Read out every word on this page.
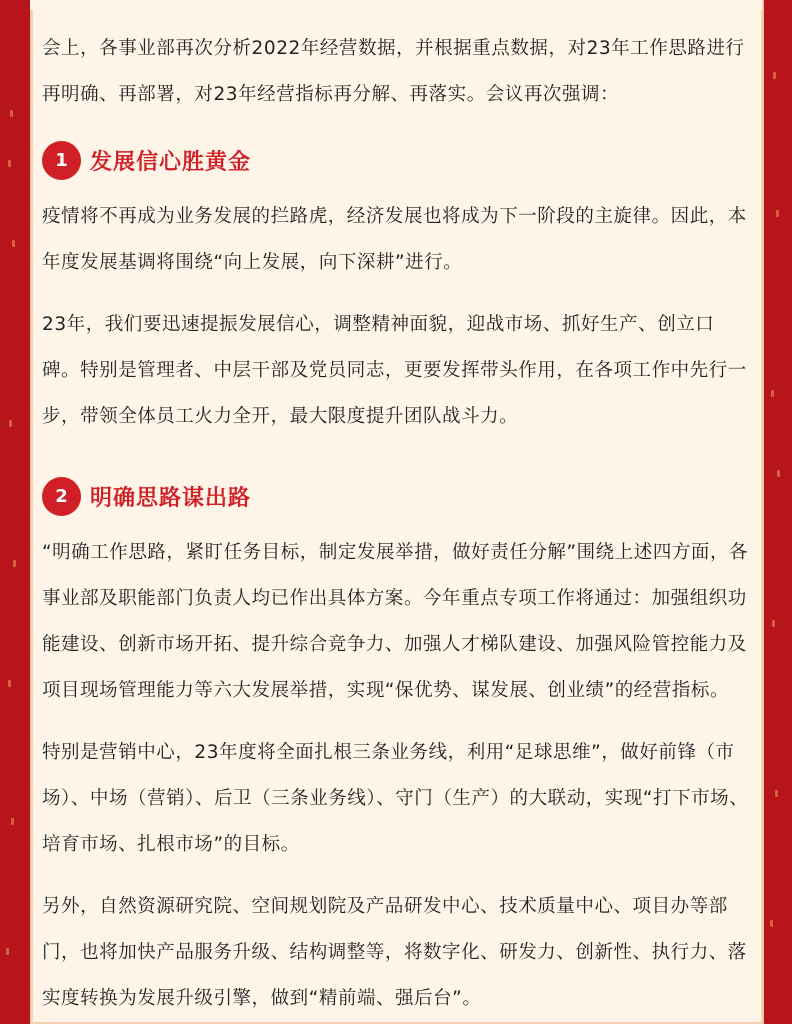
会上，各事业部再次分析2022年经营数据，并根据重点数据，对23年工作思路进行再明确、再部署，对23年经营指标再分解、再落实。会议再次强调：

1	发展信心胜黄金

疫情将不再成为业务发展的拦路虎，经济发展也将成为下一阶段的主旋律。因此，本年度发展基调将围绕“向上发展，向下深耕”进行。

23年，我们要迅速提振发展信心，调整精神面貌，迎战市场、抓好生产、创立口碑。特别是管理者、中层干部及党员同志，更要发挥带头作用，在各项工作中先行一步，带领全体员工火力全开，最大限度提升团队战斗力。

2	明确思路谋出路

“明确工作思路，紧盯任务目标，制定发展举措，做好责任分解”围绕上述四方面，各事业部及职能部门负责人均已作出具体方案。今年重点专项工作将通过：加强组织功能建设、创新市场开拓、提升综合竞争力、加强人才梯队建设、加强风险管控能力及项目现场管理能力等六大发展举措，实现“保优势、谋发展、创业绩”的经营指标。

特别是营销中心，23年度将全面扎根三条业务线，利用“足球思维”，做好前锋（市场）、中场（营销）、后卫（三条业务线）、守门（生产）的大联动，实现“打下市场、培育市场、扎根市场”的目标。

另外，自然资源研究院、空间规划院及产品研发中心、技术质量中心、项目办等部门，也将加快产品服务升级、结构调整等，将数字化、研发力、创新性、执行力、落实度转换为发展升级引擎，做到“精前端、强后台”。
